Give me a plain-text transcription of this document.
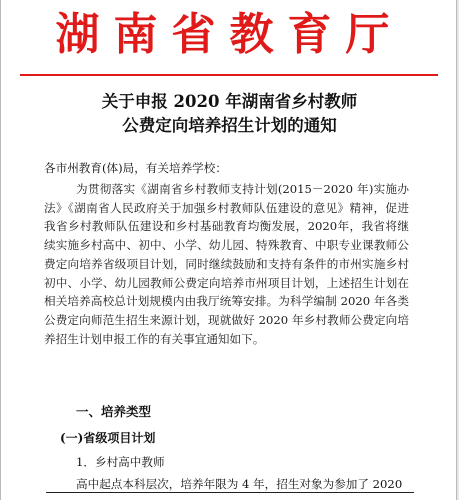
湖南省教育厅
关于申报 2020 年湖南省乡村教师
公费定向培养招生计划的通知
各市州教育(体)局，有关培养学校：
为贯彻落实《湖南省乡村教师支持计划(2015－2020 年)实施办法》《湖南省人民政府关于加强乡村教师队伍建设的意见》精神，促进我省乡村教师队伍建设和乡村基础教育均衡发展，2020年，我省将继续实施乡村高中、初中、小学、幼儿园、特殊教育、中职专业课教师公费定向培养省级项目计划，同时继续鼓励和支持有条件的市州实施乡村初中、小学、幼儿园教师公费定向培养市州项目计划，上述招生计划在相关培养高校总计划规模内由我厅统筹安排。为科学编制 2020 年各类公费定向师范生招生来源计划，现就做好 2020 年乡村教师公费定向培养招生计划申报工作的有关事宜通知如下。
一、培养类型
(一)省级项目计划
1．乡村高中教师
高中起点本科层次，培养年限为 4 年，招生对象为参加了 2020
